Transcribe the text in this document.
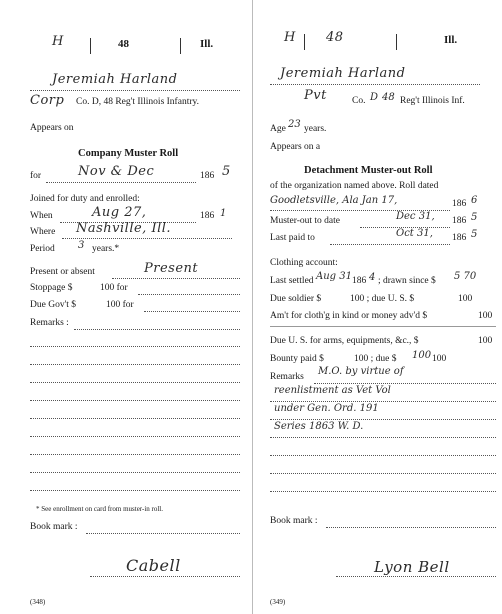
H	48	Ill.
Jeremiah Harland
Corp Co. D, 48 Reg't Illinois Infantry.
Appears on
Company Muster Roll
for	Nov & Dec	186 5
Joined for duty and enrolled:
When	Aug 27,	186 1
Where Nashville, Ill.
Period 3 years.*
Present or absent	Present
Stoppage $	100 for
Due Gov't $	100 for
Remarks :
* See enrollment on card from muster-in roll.
Book mark :
Cabell
(348)
H 48	Ill.
Jeremiah Harland
Pvt	Co. D 48 Reg't Illinois Inf.
Age 23 years.
Appears on a
Detachment Muster-out Roll
of the organization named above. Roll dated
Goodletsville, Ala Jan 17,	186 6
Muster-out to date	Dec 31, 186 5
Last paid to	Oct 31, 186 5
Clothing account:
Last settled Aug 31 186 4 ; drawn since $ 5 70
Due soldier $	100 ; due U. S. $	100
Am't for cloth'g in kind or money adv'd $	100
Due U. S. for arms, equipments, &c., $	100
Bounty paid $	100 ; due $ 100 100
Remarks M.O. by virtue of
reenlistment as Vet Vol
under Gen. Ord. 191
Series 1863 W. D.
Book mark :
Lyon Bell
(349)
